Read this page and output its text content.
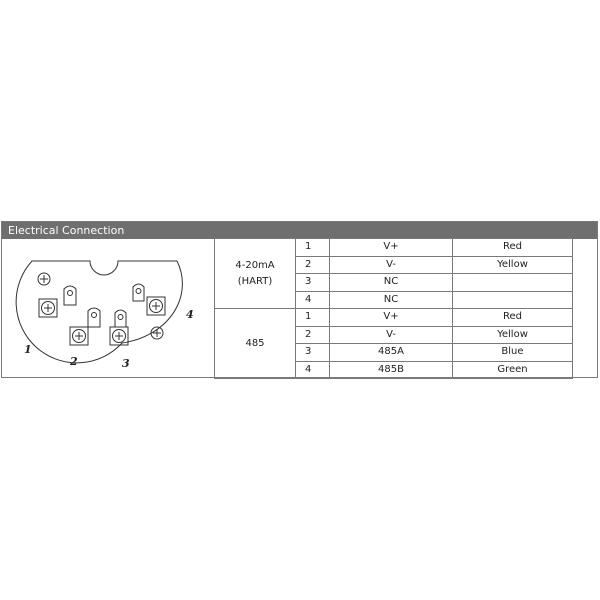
Electrical Connection
1
2	3
4
4-20mA
(HART)	1	V+	Red
	2	V-	Yellow
	3	NC	
	4	NC	

485	1	V+	Red
	2	V-	Yellow
	3	485A	Blue
	4	485B	Green
